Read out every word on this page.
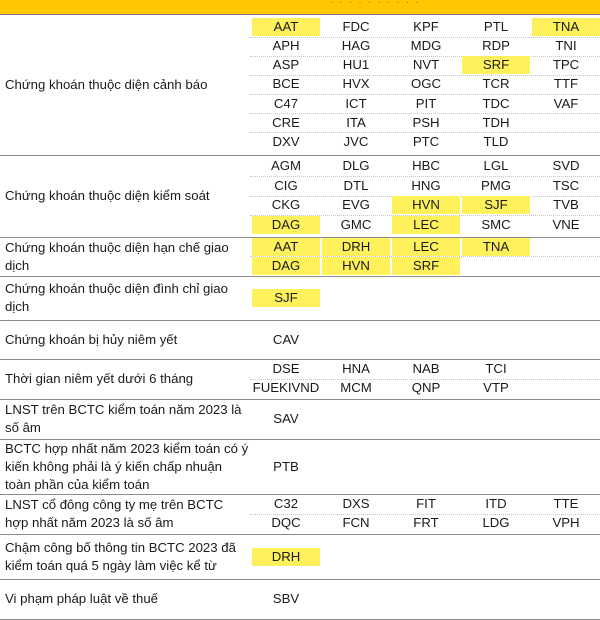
· · · · · · · · · ·
Chứng khoán thuộc diện cảnh báo
AAT	FDC	KPF	PTL	TNA
APH	HAG	MDG	RDP	TNI
ASP	HU1	NVT	SRF	TPC
BCE	HVX	OGC	TCR	TTF
C47	ICT	PIT	TDC	VAF
CRE	ITA	PSH	TDH
DXV	JVC	PTC	TLD
Chứng khoán thuộc diện kiểm soát
AGM	DLG	HBC	LGL	SVD
CIG	DTL	HNG	PMG	TSC
CKG	EVG	HVN	SJF	TVB
DAG	GMC	LEC	SMC	VNE
Chứng khoán thuộc diện hạn chế giao dịch
AAT	DRH	LEC	TNA
DAG	HVN	SRF
Chứng khoán thuộc diện đình chỉ giao dịch
SJF
Chứng khoán bị hủy niêm yết	CAV
Thời gian niêm yết dưới 6 tháng
DSE	HNA	NAB	TCI
FUEKIVND	MCM	QNP	VTP
LNST trên BCTC kiểm toán năm 2023 là số âm
SAV
BCTC hợp nhất năm 2023 kiểm toán có ý kiến không phải là ý kiến chấp nhuận toàn phần của kiểm toán
PTB
LNST cổ đông công ty mẹ trên BCTC hợp nhất năm 2023 là số âm
C32	DXS	FIT	ITD	TTE
DQC	FCN	FRT	LDG	VPH
Chậm công bố thông tin BCTC 2023 đã kiểm toán quá 5 ngày làm việc kể từ
DRH
Vi phạm pháp luật về thuế	SBV
